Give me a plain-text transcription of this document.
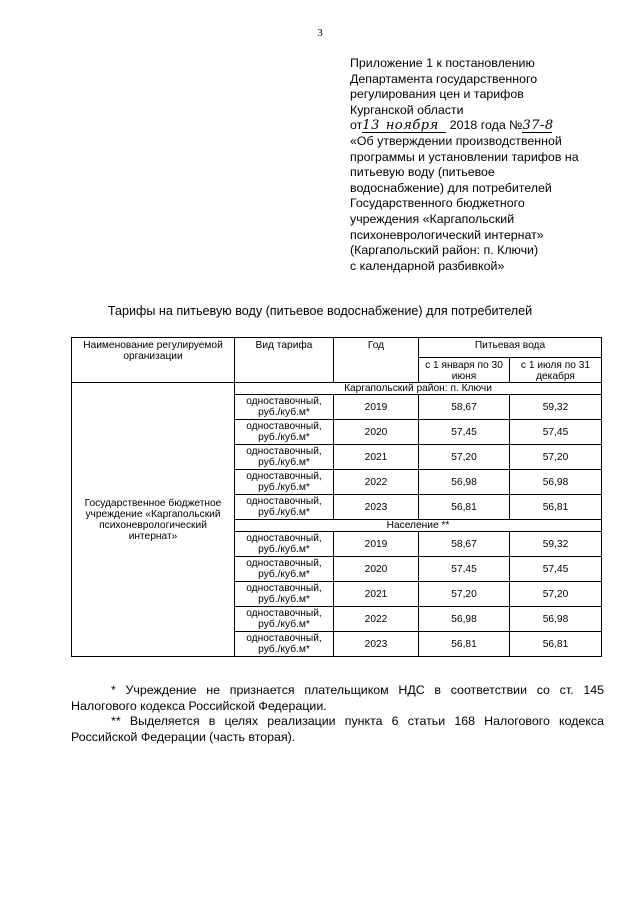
3
Приложение 1 к постановлению
Департамента государственного
регулирования цен и тарифов
Курганской области
от13 ноября 2018 года №37-8
«Об утверждении производственной
программы и установлении тарифов на
питьевую воду (питьевое
водоснабжение) для потребителей
Государственного бюджетного
учреждения «Каргапольский
психоневрологический интернат»
(Каргапольский район: п. Ключи)
с календарной разбивкой»
Тарифы на питьевую воду (питьевое водоснабжение) для потребителей
Наименование регулируемой организации	Вид тарифа	Год	Питьевая вода	
			с 1 января по 30 июня	с 1 июля по 31 декабря
Государственное бюджетное учреждение «Каргапольский психоневрологический интернат»	Каргапольский район: п. Ключи			
	одноставочный, руб./куб.м*	2019	58,67	59,32
	одноставочный, руб./куб.м*	2020	57,45	57,45
	одноставочный, руб./куб.м*	2021	57,20	57,20
	одноставочный, руб./куб.м*	2022	56,98	56,98
	одноставочный, руб./куб.м*	2023	56,81	56,81
	Население **			
	одноставочный, руб./куб.м*	2019	58,67	59,32
	одноставочный, руб./куб.м*	2020	57,45	57,45
	одноставочный, руб./куб.м*	2021	57,20	57,20
	одноставочный, руб./куб.м*	2022	56,98	56,98
	одноставочный, руб./куб.м*	2023	56,81	56,81

* Учреждение не признается плательщиком НДС в соответствии со ст. 145 Налогового кодекса Российской Федерации.

** Выделяется в целях реализации пункта 6 статьи 168 Налогового кодекса Российской Федерации (часть вторая).
